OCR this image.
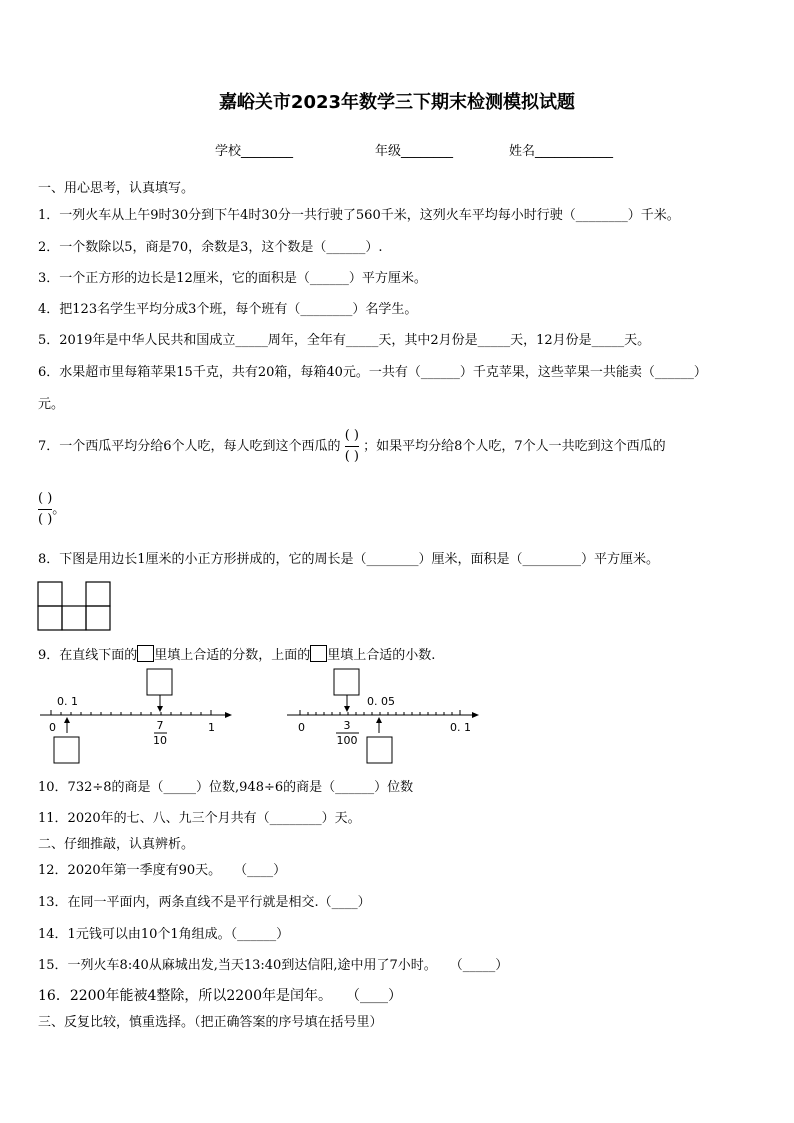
嘉峪关市2023年数学三下期末检测模拟试题
学校________	年级________	姓名____________
一、用心思考，认真填写。
1．一列火车从上午9时30分到下午4时30分一共行驶了560千米，这列火车平均每小时行驶（________）千米。
2．一个数除以5，商是70，余数是3，这个数是（______）.
3．一个正方形的边长是12厘米，它的面积是（______）平方厘米。
4．把123名学生平均分成3个班，每个班有（________）名学生。
5．2019年是中华人民共和国成立_____周年，全年有_____天，其中2月份是_____天，12月份是_____天。
6．水果超市里每箱苹果15千克，共有20箱，每箱40元。一共有（______）千克苹果，这些苹果一共能卖（______）
元。
7．一个西瓜平均分给6个人吃，每人吃到这个西瓜的 $\frac{( )}{( )}$ ；如果平均分给8个人吃，7个人一共吃到这个西瓜的
$\frac{( )}{( )}$ 。
8．下图是用边长1厘米的小正方形拼成的，它的周长是（________）厘米，面积是（_________）平方厘米。
9．在直线下面的 里填上合适的分数，上面的 里填上合适的小数.
0. 1
0	1
7
10
0. 05
0	0. 1
3
100
10．732÷8的商是（_____）位数,948÷6的商是（______）位数
11．2020年的七、八、九三个月共有（________）天。
二、仔细推敲，认真辨析。
12．2020年第一季度有90天。　　（____）
13．在同一平面内，两条直线不是平行就是相交.（____）
14．1元钱可以由10个1角组成。（______）
15．一列火车8:40从麻城出发,当天13:40到达信阳,途中用了7小时。　　（_____）
16．2200年能被4整除，所以2200年是闰年。　　（____）
三、反复比较，慎重选择。（把正确答案的序号填在括号里）
